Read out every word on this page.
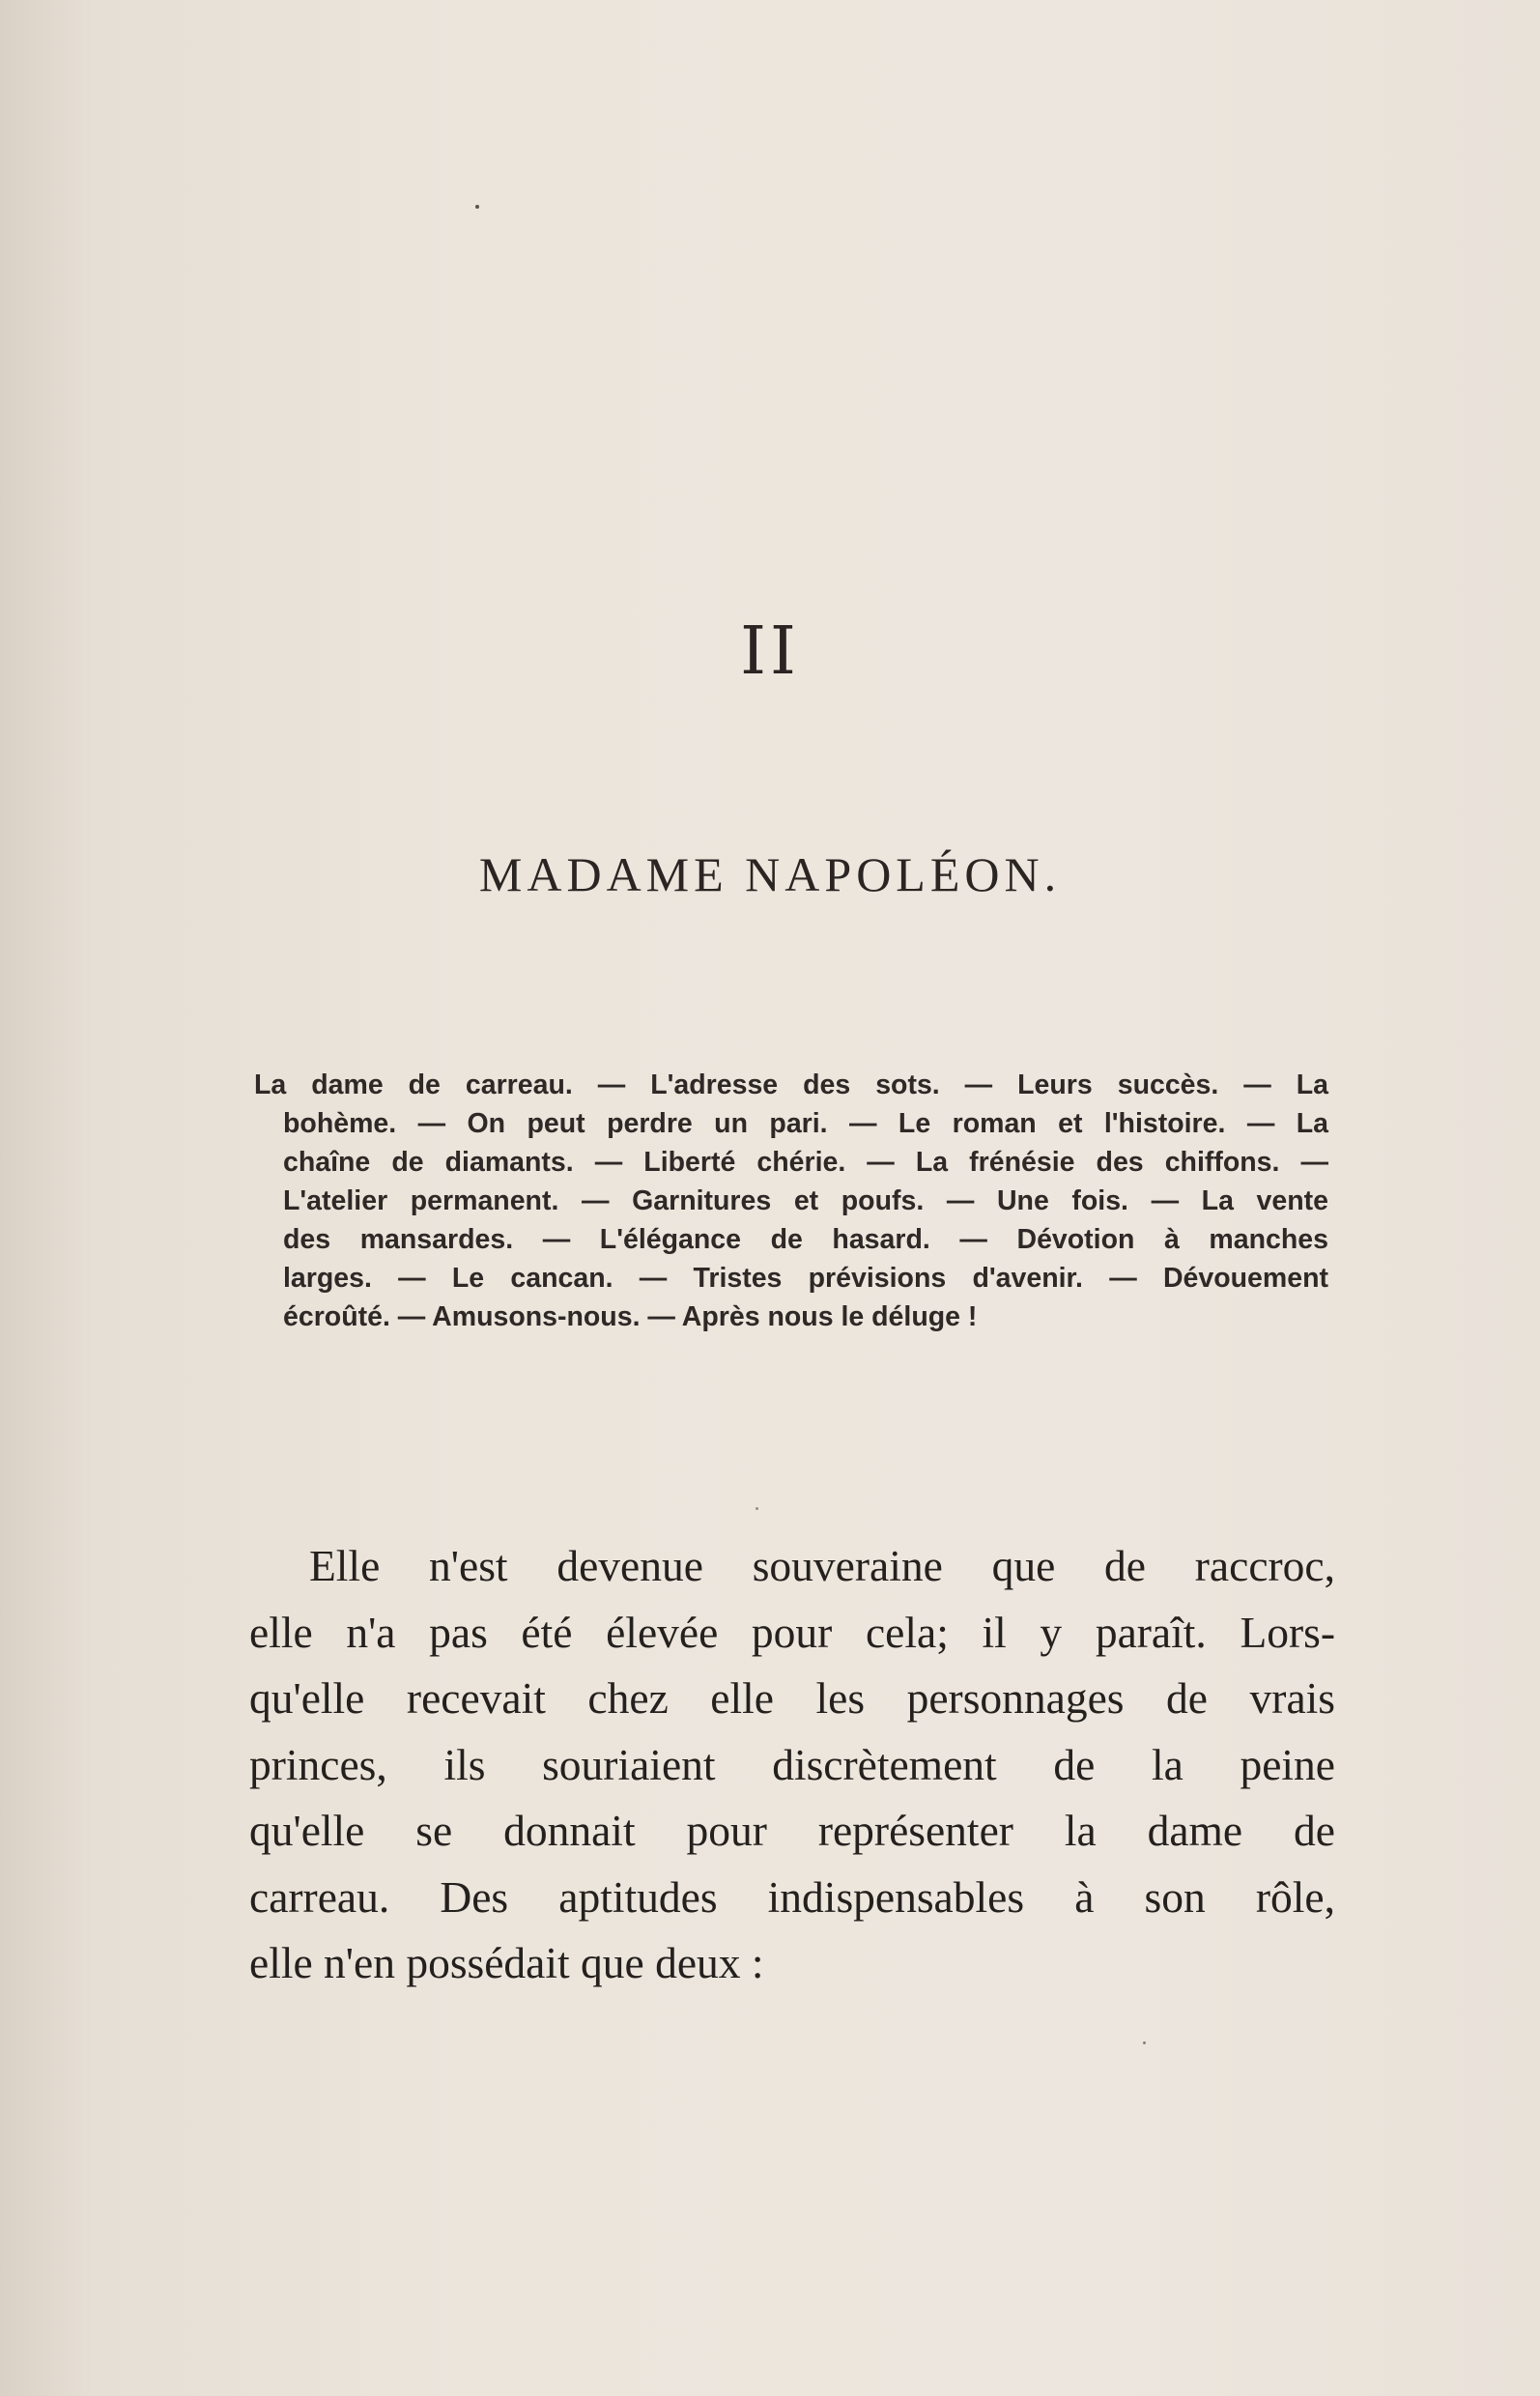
II
MADAME NAPOLÉON.
La dame de carreau. — L'adresse des sots. — Leurs succès. — La
bohème. — On peut perdre un pari. — Le roman et l'histoire. — La
chaîne de diamants. — Liberté chérie. — La frénésie des chiffons. —
L'atelier permanent. — Garnitures et poufs. — Une fois. — La vente
des mansardes. — L'élégance de hasard. — Dévotion à manches
larges. — Le cancan. — Tristes prévisions d'avenir. — Dévouement
écroûté. — Amusons-nous. — Après nous le déluge !
Elle n'est devenue souveraine que de raccroc,
elle n'a pas été élevée pour cela; il y paraît. Lors-
qu'elle recevait chez elle les personnages de vrais
princes, ils souriaient discrètement de la peine
qu'elle se donnait pour représenter la dame de
carreau. Des aptitudes indispensables à son rôle,
elle n'en possédait que deux :
